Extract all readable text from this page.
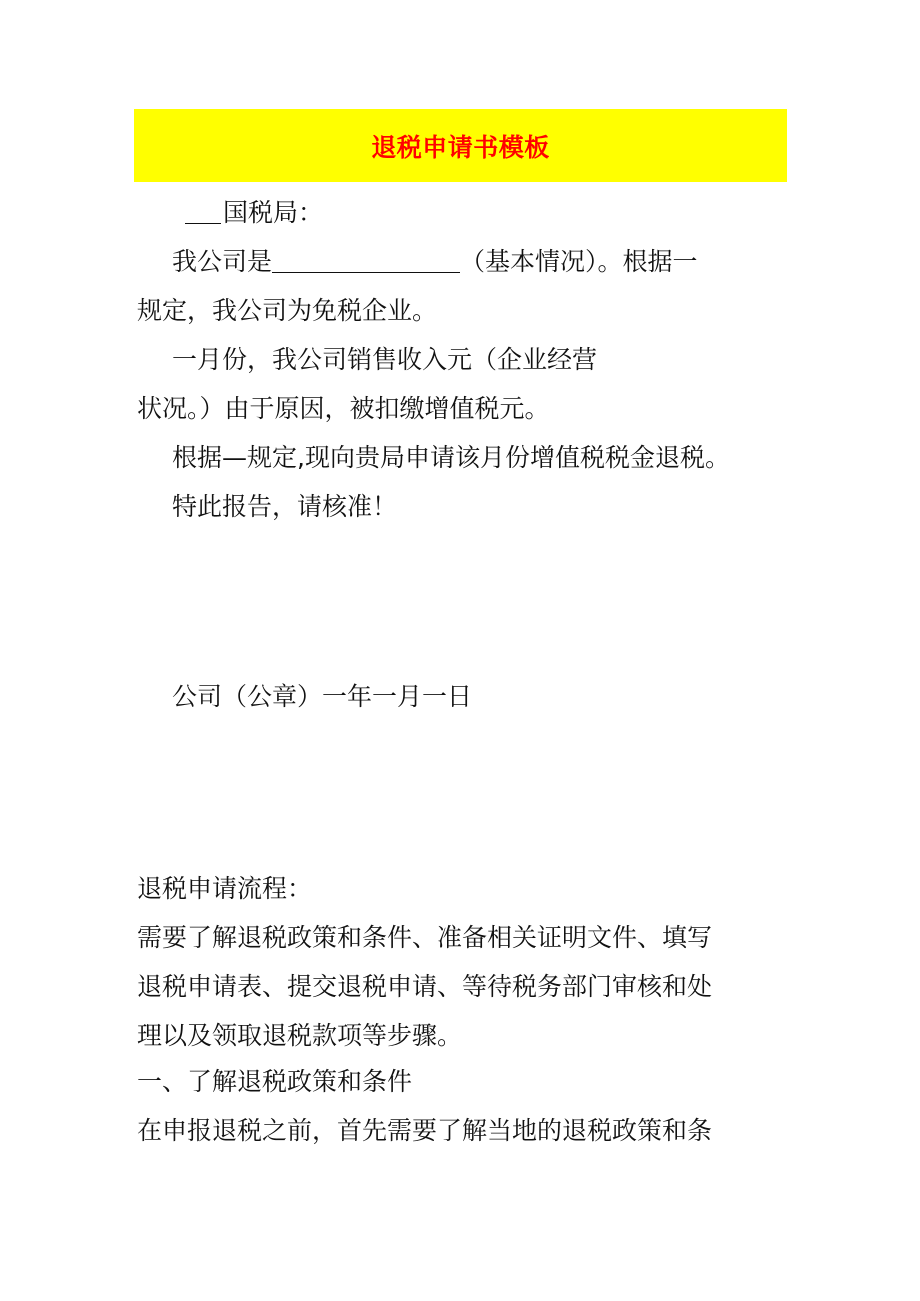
退税申请书模板

国税局：

我公司是	（基本情况）。根据一

规定，我公司为免税企业。

一月份，我公司销售收入元（企业经营

状况。）由于原因，被扣缴增值税元。

根据—规定,现向贵局申请该月份增值税税金退税。

特此报告，请核准！

公司（公章）一年一月一日

退税申请流程：

需要了解退税政策和条件、准备相关证明文件、填写

退税申请表、提交退税申请、等待税务部门审核和处

理以及领取退税款项等步骤。

一、了解退税政策和条件

在申报退税之前，首先需要了解当地的退税政策和条
